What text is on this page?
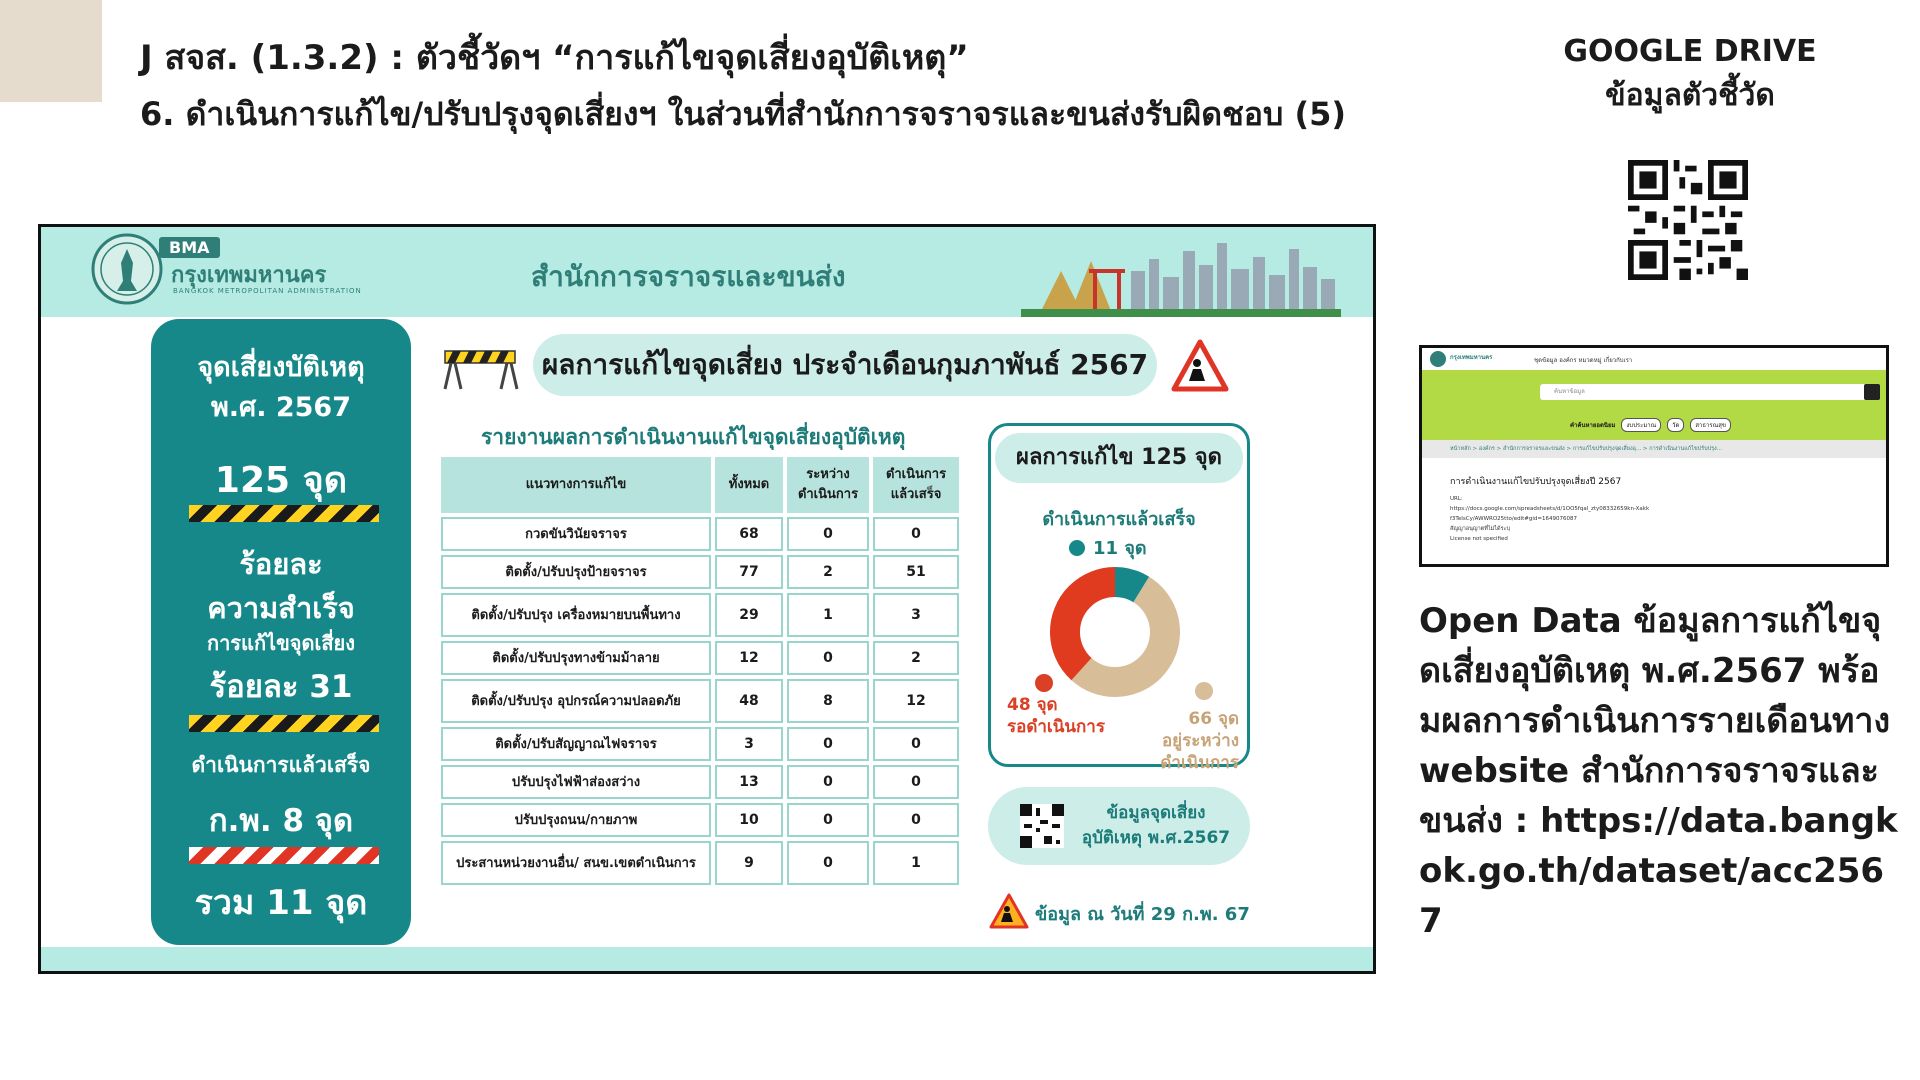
J สจส. (1.3.2) : ตัวชี้วัดฯ “การแก้ไขจุดเสี่ยงอุบัติเหตุ”
6. ดำเนินการแก้ไข/ปรับปรุงจุดเสี่ยงฯ ในส่วนที่สำนักการจราจรและขนส่งรับผิดชอบ (5)
GOOGLE DRIVE
ข้อมูลตัวชี้วัด
BMA
กรุงเทพมหานคร
BANGKOK METROPOLITAN ADMINISTRATION	สำนักการจราจรและขนส่ง
จุดเสี่ยงบัติเหตุ
พ.ศ. 2567
125 จุด
ร้อยละ
ความสำเร็จ
การแก้ไขจุดเสี่ยง
ร้อยละ 31
ดำเนินการแล้วเสร็จ
ก.พ. 8 จุด
รวม 11 จุด
ผลการแก้ไขจุดเสี่ยง ประจำเดือนกุมภาพันธ์ 2567
รายงานผลการดำเนินงานแก้ไขจุดเสี่ยงอุบัติเหตุ
แนวทางการแก้ไข	ทั้งหมด	ระหว่าง ดำเนินการ	ดำเนินการ แล้วเสร็จ
กวดขันวินัยจราจร	68	0	0
ติดตั้ง/ปรับปรุงป้ายจราจร	77	2	51
ติดตั้ง/ปรับปรุง เครื่องหมายบนพื้นทาง	29	1	3
ติดตั้ง/ปรับปรุงทางข้ามม้าลาย	12	0	2
ติดตั้ง/ปรับปรุง อุปกรณ์ความปลอดภัย	48	8	12
ติดตั้ง/ปรับสัญญาณไฟจราจร	3	0	0
ปรับปรุงไฟฟ้าส่องสว่าง	13	0	0
ปรับปรุงถนน/กายภาพ	10	0	0
ประสานหน่วยงานอื่น/ สนข.เขตดำเนินการ	9	0	1
ผลการแก้ไข 125 จุด
ดำเนินการแล้วเสร็จ
11 จุด
48 จุด
รอดำเนินการ	66 จุด
อยู่ระหว่าง
ดำเนินการ
ข้อมูลจุดเสี่ยง
อุบัติเหตุ พ.ศ.2567
ข้อมูล ณ วันที่ 29 ก.พ. 67
กรุงเทพมหานคร	ชุดข้อมูล องค์กร หมวดหมู่ เกี่ยวกับเรา
ค้นหาข้อมูล
คำค้นหายอดนิยม งบประมาณ	วัด	สาธารณสุข
หน้าหลัก > องค์กร > สำนักการจราจรและขนส่ง > การแก้ไขปรับปรุงจุดเสี่ยงอุ... > การดำเนินงานแก้ไขปรับปรุง...
การดำเนินงานแก้ไขปรับปรุงจุดเสี่ยงปี 2567
URL:
https://docs.google.com/spreadsheets/d/1OO5fqal_zty08332659kn-Xakkf3TeIsCy/AWWRO25tto/edit#gid=1649076087
สัญญาอนุญาตที่ไม่ได้ระบุ
License not specified
Open Data ข้อมูลการแก้ไขจุดเสี่ยงอุบัติเหตุ พ.ศ.2567 พร้อมผลการดำเนินการรายเดือนทาง website สำนักการจราจรและขนส่ง : https://data.bangkok.go.th/dataset/acc2567
